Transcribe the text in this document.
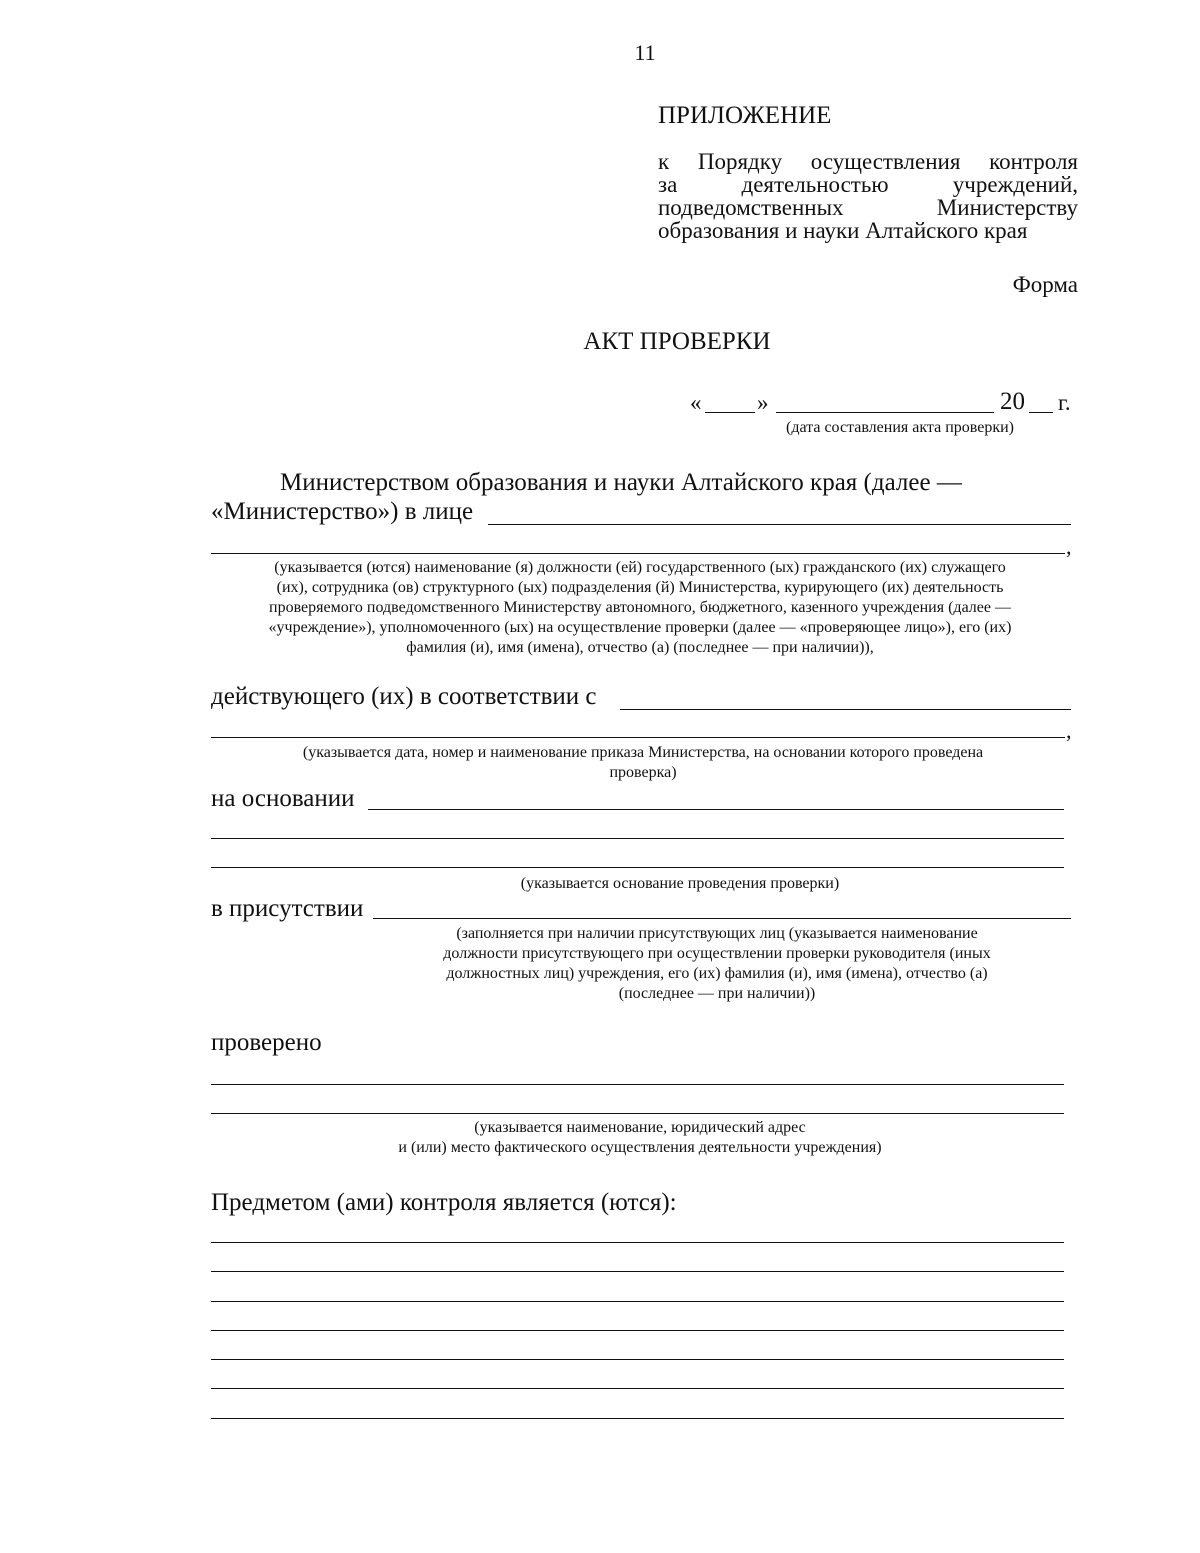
11
ПРИЛОЖЕНИЕ
к Порядку осуществления контроля
за деятельностью учреждений,
подведомственных Министерству
образования и науки Алтайского края
Форма
АКТ ПРОВЕРКИ
« »	20 г.
(дата составления акта проверки)
Министерством образования и науки Алтайского края (далее —
«Министерство») в лице
,
(указывается (ются) наименование (я) должности (ей) государственного (ых) гражданского (их) служащего
(их), сотрудника (ов) структурного (ых) подразделения (й) Министерства, курирующего (их) деятельность
проверяемого подведомственного Министерству автономного, бюджетного, казенного учреждения (далее —
«учреждение»), уполномоченного (ых) на осуществление проверки (далее — «проверяющее лицо»), его (их)
фамилия (и), имя (имена), отчество (а) (последнее — при наличии)),
действующего (их) в соответствии с
,
(указывается дата, номер и наименование приказа Министерства, на основании которого проведена
проверка)
на основании
(указывается основание проведения проверки)
в присутствии
(заполняется при наличии присутствующих лиц (указывается наименование
должности присутствующего при осуществлении проверки руководителя (иных
должностных лиц) учреждения, его (их) фамилия (и), имя (имена), отчество (а)
(последнее — при наличии))
проверено
(указывается наименование, юридический адрес
и (или) место фактического осуществления деятельности учреждения)
Предметом (ами) контроля является (ются):
